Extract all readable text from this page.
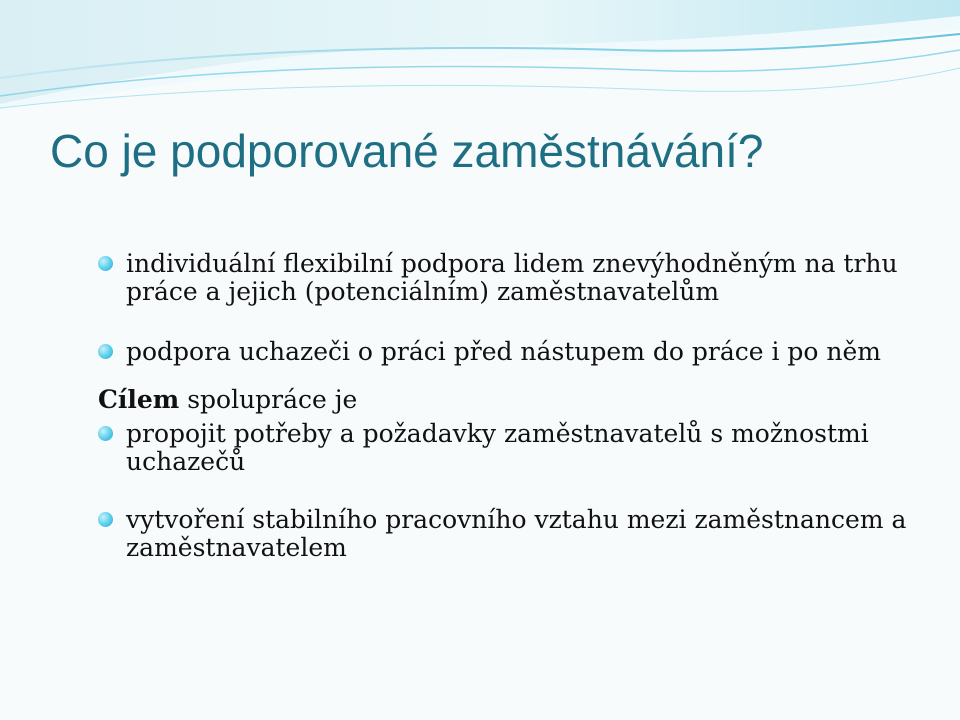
Co je podporované zaměstnávání?
individuální flexibilní podpora lidem znevýhodněným na trhu práce a jejich (potenciálním) zaměstnavatelům
podpora uchazeči o práci před nástupem do práce i po něm
Cílem spolupráce je
propojit potřeby a požadavky zaměstnavatelů s možnostmi uchazečů
vytvoření stabilního pracovního vztahu mezi zaměstnancem a zaměstnavatelem
